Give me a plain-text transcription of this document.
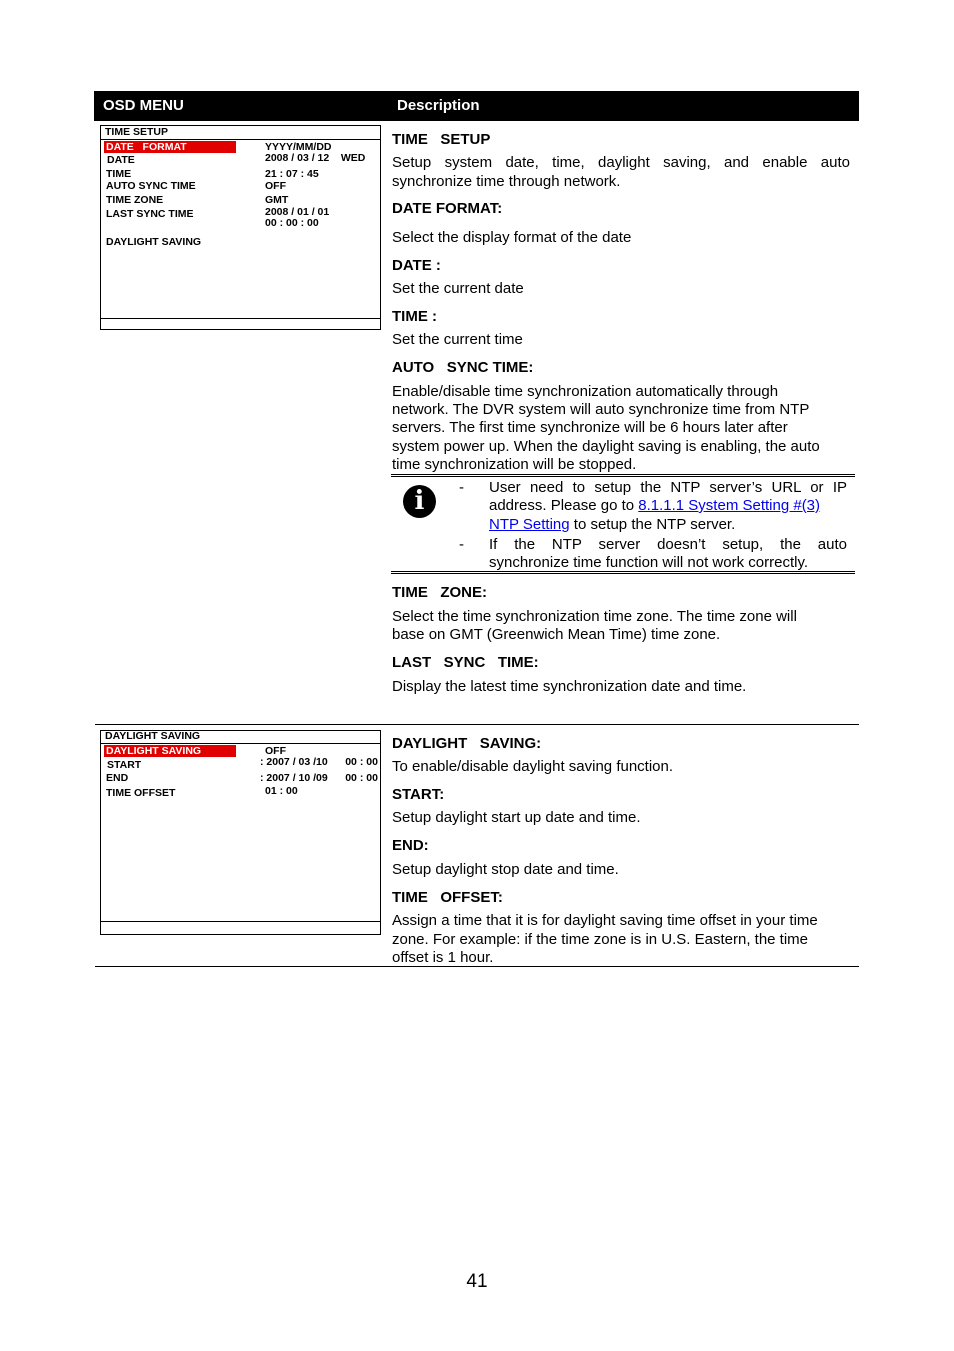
OSD MENU	Description
TIME SETUP
DATE   FORMAT	YYYY/MM/DD
DATE	2008 / 03 / 12    WED
TIME	21 : 07 : 45
AUTO SYNC TIME	OFF
TIME ZONE	GMT
LAST SYNC TIME	2008 / 01 / 01
00 : 00 : 00
DAYLIGHT SAVING
TIME   SETUP
Setup system date, time, daylight saving, and enable auto
synchronize time through network.
DATE FORMAT:
Select the display format of the date
DATE :
Set the current date
TIME :
Set the current time
AUTO   SYNC TIME:
Enable/disable time synchronization automatically through
network. The DVR system will auto synchronize time from NTP
servers. The first time synchronize will be 6 hours later after
system power up. When the daylight saving is enabling, the auto
time synchronization will be stopped.
i	- User need to setup the NTP server’s URL or IP
address. Please go to 8.1.1.1 System Setting #(3)
NTP Setting to setup the NTP server.
- If the NTP server doesn’t setup, the auto
synchronize time function will not work correctly.
TIME   ZONE:
Select the time synchronization time zone. The time zone will
base on GMT (Greenwich Mean Time) time zone.
LAST   SYNC   TIME:
Display the latest time synchronization date and time.
DAYLIGHT SAVING
DAYLIGHT SAVING	OFF
START	: 2007 / 03 /10      00 : 00
END	: 2007 / 10 /09      00 : 00
TIME OFFSET	01 : 00
DAYLIGHT   SAVING:
To enable/disable daylight saving function.
START:
Setup daylight start up date and time.
END:
Setup daylight stop date and time.
TIME   OFFSET:
Assign a time that it is for daylight saving time offset in your time
zone. For example: if the time zone is in U.S. Eastern, the time
offset is 1 hour.
41
